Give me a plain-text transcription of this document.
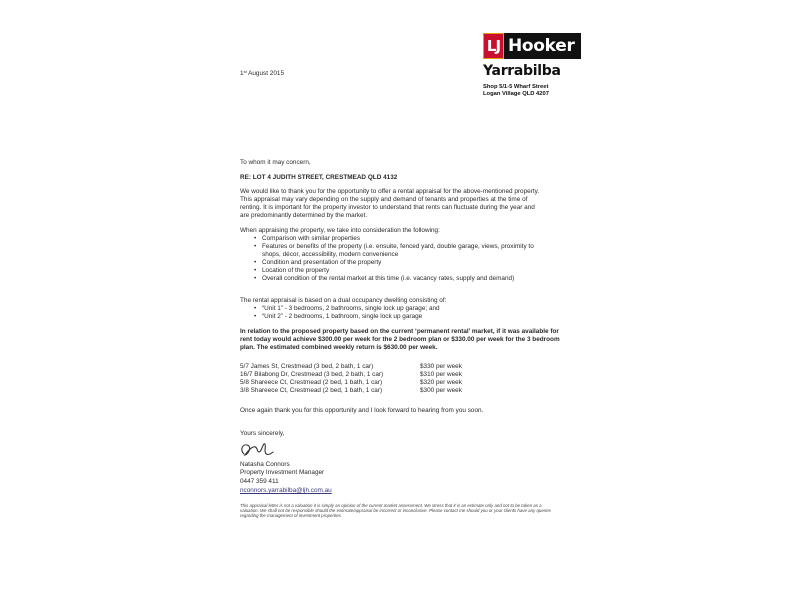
LJ Hooker
Yarrabilba
Shop 5/1-5 Wharf Street
Logan Village QLD 4207
1st August 2015
To whom it may concern,
RE: LOT 4 JUDITH STREET, CRESTMEAD QLD 4132
We would like to thank you for the opportunity to offer a rental appraisal for the above-mentioned property.
This appraisal may vary depending on the supply and demand of tenants and properties at the time of
renting. It is important for the property investor to understand that rents can fluctuate during the year and
are predominantly determined by the market.
When appraising the property, we take into consideration the following:
• Comparison with similar properties
• Features or benefits of the property (i.e. ensuite, fenced yard, double garage, views, proximity to
shops, décor, accessibility, modern convenience
• Condition and presentation of the property
• Location of the property
• Overall condition of the rental market at this time (i.e. vacancy rates, supply and demand)
The rental appraisal is based on a dual occupancy dwelling consisting of:
• “Unit 1” - 3 bedrooms, 2 bathrooms, single lock up garage; and
• “Unit 2” - 2 bedrooms, 1 bathroom, single lock up garage
In relation to the proposed property based on the current ‘permanent rental’ market, if it was available for
rent today would achieve $300.00 per week for the 2 bedroom plan or $330.00 per week for the 3 bedroom
plan. The estimated combined weekly return is $630.00 per week.
5/7 James St, Crestmead (3 bed, 2 bath, 1 car)	$330 per week
16/7 Bilabong Dr, Crestmead (3 bed, 2 bath, 1 car)	$310 per week
5/8 Shareece Ct, Crestmead (2 bed, 1 bath, 1 car)	$320 per week
3/8 Shareece Ct, Crestmead (2 bed, 1 bath, 1 car)	$300 per week
Once again thank you for this opportunity and I look forward to hearing from you soon.
Yours sincerely,
Natasha Connors
Property Investment Manager
0447 359 411
nconnors.yarrabilba@ljh.com.au
This appraisal letter is not a valuation it is simply an opinion of the current market assessment. We stress that it is an estimate only and not to be taken as a
valuation. We shall not be responsible should the estimate/appraisal be incorrect or inconclusive. Please contact me should you or your clients have any queries
regarding the management of investment properties.
